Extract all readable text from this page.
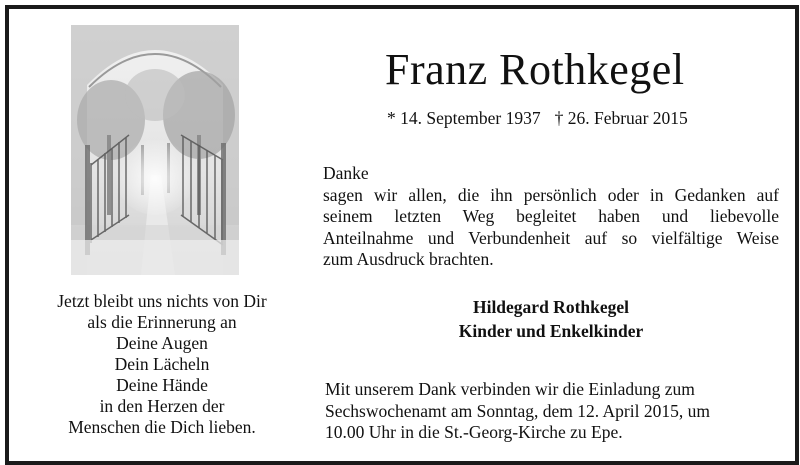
Jetzt bleibt uns nichts von Dir
als die Erinnerung an
Deine Augen
Dein Lächeln
Deine Hände
in den Herzen der
Menschen die Dich lieben.
Franz Rothkegel
* 14. September 1937 † 26. Februar 2015
Danke
sagen wir allen, die ihn persönlich oder in Gedanken auf
seinem letzten Weg begleitet haben und liebevolle
Anteilnahme und Verbundenheit auf so vielfältige Weise
zum Ausdruck brachten.
Hildegard Rothkegel
Kinder und Enkelkinder
Mit unserem Dank verbinden wir die Einladung zum
Sechswochenamt am Sonntag, dem 12. April 2015, um
10.00 Uhr in die St.-Georg-Kirche zu Epe.
